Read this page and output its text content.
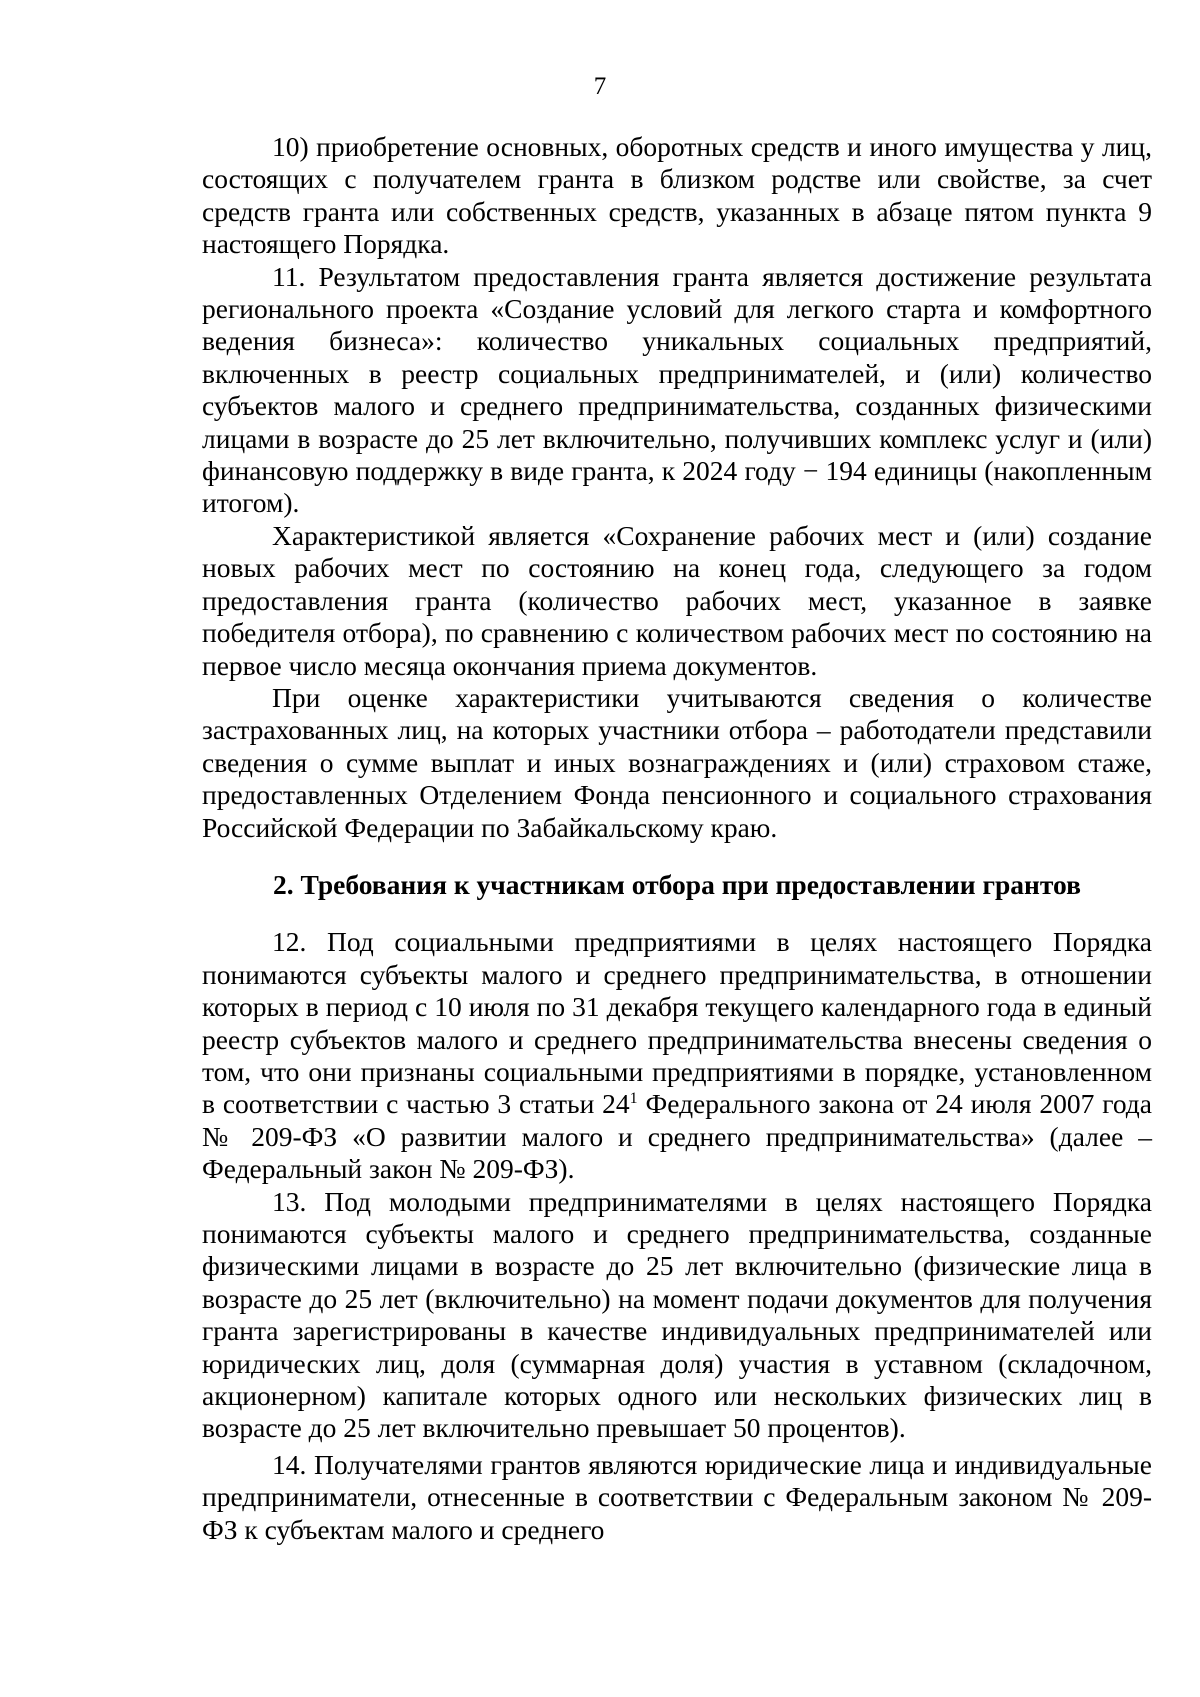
7

10) приобретение основных, оборотных средств и иного имущества у лиц, состоящих с получателем гранта в близком родстве или свойстве, за счет средств гранта или собственных средств, указанных в абзаце пятом пункта 9 настоящего Порядка.

11. Результатом предоставления гранта является достижение результата регионального проекта «Создание условий для легкого старта и комфортного ведения бизнеса»: количество уникальных социальных предприятий, включенных в реестр социальных предпринимателей, и (или) количество субъектов малого и среднего предпринимательства, созданных физическими лицами в возрасте до 25 лет включительно, получивших комплекс услуг и (или) финансовую поддержку в виде гранта, к 2024 году − 194 единицы (накопленным итогом).

Характеристикой является «Сохранение рабочих мест и (или) создание новых рабочих мест по состоянию на конец года, следующего за годом предоставления гранта (количество рабочих мест, указанное в заявке победителя отбора), по сравнению с количеством рабочих мест по состоянию на первое число месяца окончания приема документов.

При оценке характеристики учитываются сведения о количестве застрахованных лиц, на которых участники отбора – работодатели представили сведения о сумме выплат и иных вознаграждениях и (или) страховом стаже, предоставленных Отделением Фонда пенсионного и социального страхования Российской Федерации по Забайкальскому краю.

2. Требования к участникам отбора при предоставлении грантов

12. Под социальными предприятиями в целях настоящего Порядка понимаются субъекты малого и среднего предпринимательства, в отношении которых в период с 10 июля по 31 декабря текущего календарного года в единый реестр субъектов малого и среднего предпринимательства внесены сведения о том, что они признаны социальными предприятиями в порядке, установленном в соответствии с частью 3 статьи $24^1$ Федерального закона от 24 июля 2007 года № 209-ФЗ «О развитии малого и среднего предпринимательства» (далее – Федеральный закон № 209-ФЗ).

13. Под молодыми предпринимателями в целях настоящего Порядка понимаются субъекты малого и среднего предпринимательства, созданные физическими лицами в возрасте до 25 лет включительно (физические лица в возрасте до 25 лет (включительно) на момент подачи документов для получения гранта зарегистрированы в качестве индивидуальных предпринимателей или юридических лиц, доля (суммарная доля) участия в уставном (складочном, акционерном) капитале которых одного или нескольких физических лиц в возрасте до 25 лет включительно превышает 50 процентов).

14. Получателями грантов являются юридические лица и индивидуальные предприниматели, отнесенные в соответствии с Федеральным законом № 209-ФЗ к субъектам малого и среднего
